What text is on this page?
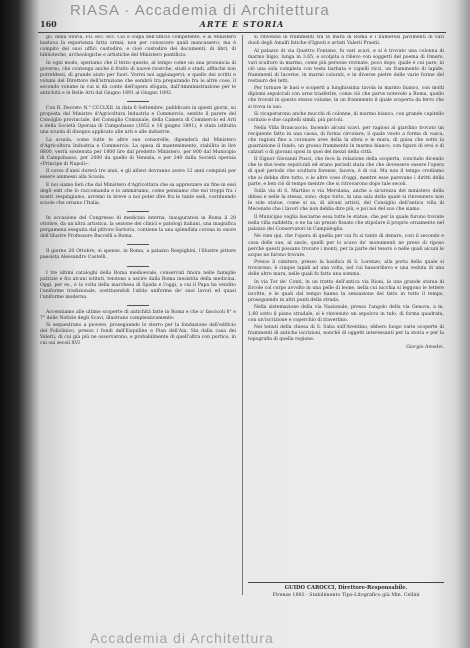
RIASA · Accademia di Architettura
160	ARTE E STORIA

go, della Storia, Fil. ecc. ecc. Cio è colpa dell'ufficio competente, e al Ministero bastava la esperienza fatta ormai, non per conoscere quali mancassero; ma è compito dei suoi uffici custodire, e cioè custodire dei documenti, di libri, di biblioteche, archeologiche e artistiche del Ministero pontificio.

In ogni modo, speriamo che il terzo questo, al tempo come un una pronuncia di governo, che contenga anche il frutto di nuove ricerche, studi e studi, affinchè non potrebbesi, di grande aiuto per fuori. Vorrei noi aggiungervi; e quello dei scritti e volumi del Direttore dell'istruzione che sembrò tra preparando fra le altre cose, il secondo volume in cui si dà conto dell'opera sfogata, dall'Amministrazione per le antichità e le Belle Arti dal Giugno 1891 al Giugno 1892.

Con R. Decreto N.° CCCLXII, in data 6 Settembre, pubblicato in questi giorni, su proposta del Ministro d'Agricoltura Industria e Commercio, sentito il parere del Consiglio provinciale, del Consiglio Comunale, della Camera di Commercio ed Arti e della Società Operaia di Campobasso (1852 e 16 giugno 1891), è stata istituita una scuola di disegno applicato alle arti e alle industrie.

La scuola, come tutte le altre sue consorelle, dipenderà dal Ministero d'Agricoltura Industria e Commercio. La spesa di mantenimento, stabilita in lire 8800, verrà sostenuta per 1800 lire dal predetto Ministero, per 800 dal Municipio di Campobasso, per 2000 da quello di Venezia, e per 240 dalla Società operaia «Principe di Napoli».

Il corso d'anni durerà tre anni, e gli allievi dovranno avere 12 anni compiuti per essere ammessi alla Scuola.

E noi siamo lieti che dal Ministero d'Agricoltura che sa apprezzare un fine in essi degli enti che lo raccomanda e lo ammiriamo, come pensiamo che noi troppi fra i nostri respingiamo, avremo in breve a noi poter dire fra le tante sedi, costituendo scuole che ornano l'Italia.

In occasione del Congresso di medicina interna, inauguratosi in Roma il 28 ottobre, da un'altra artistica, la sezione dei clinici e patologi italiani, una magnifica pergamena eseguita dal pittore Sartorio, contiene la una splendida corona in onore dell'illustre Professore Baccelli a Roma.

Il giorno 20 Ottobre, si spense, in Roma, a palazzo Respighini, l'illustre pittore paesista Alessandro Castelli.

I tre ultimi cataloghi della Roma medioevale, conservati finora nelle famiglie patrizie e fra alcuni istituti, tendono a uscire dalla Roma inesistita della medicina. Oggi, per es., è la volta della marchesa di Spada e l'oggi, a cui il Papa ha vendito l'uniforme tradizionale, sostituendoli l'abito uniforme de' suoi lavori ed quasi l'uniforme moderna.

Accenniamo alle ultime scoperte di antichità fatte in Roma e che a' fascicoli 8° e 7° delle Notizie degli Scavi, illustrano complessivamente:

Si sequestrano a piovere, proseguendo lo sterro per la fondazione dell'edificio del Policlinico, presso i fondi dell'Esquilino e Pian dell'Aia, Sin dalla casa dei Valerii, di cui già più ne osservarono, e probabilmente di quell'altra con portico, in cui sui secoli XVI

si rinvenne in frammenti tra le mura di Roma e i numerosi pavimenti di vari duoli degli Amalfi fatiche d'Ignoti e artisti Valerii Praetii.

Al palazzo di via Quattro Fontane, fu vari scavi, e si è trovato una colonna di marmo bigio, lunga in 3.65, e scolpita a rilievo con soggetti del poema di Omero, vari sculture in marmo, come più persone rovinate, poco dopo, quale è cui pare, in ciò una sola completa con testa barbata e capelli ricci, un frammento di lapide, frammenti di lucerne, in marmi colorati, e in diverse pietre delle varie forme del restauro dei tetti.

Per tornare le basi e scoperti a lunghissima tavola in marmo bianco, con molti diplomi sepolcrali con urne trasferite, come ciò che parve notevole a Roma, quello che trovati in questo stesso volume, in un frammento il quale scoperta da ferro che si trova in uso.

Si ricuperarono anche mucchi di colonne, di marmo bianco, con grande capitello corinzio e due capitelli simili, più piccoli.

Nella Villa Brancaccio, facendo alcuni scavi, per ragioni al giardino trovato un recipiente fatto in una cassa, di forma circolare; il quale vuoto a forma di vasca, che ragioni fino a coronare aree della la sfera e le mura, di guisa che sotto la guarnizione il fondo, un grosso frammento in marmo bianco, con figure di eroi e di calzari o di giovani sposi in quei dei mezzi della città.

Il Signor Giovanni Pusci, che fece la relazione della scoperta, concludo dicendo che le due teste sepolcrali ed erano periodi stata che che dovessero essere l'opera di quel periodo che scultura forense, faceva, è di cui. Ma non il tempo crediamo che si debba dire tutto, e le altre cose d'oggi, mentre esse parevano i diritti della parte, e ben ciò di tempo mentre che si ritrovarono dopo tale secoli.

Sulla via di S. Martino e via Merulana, anche a sicurezza del ministero della difesa e nelle la stessa, sono, dopo tutto, in una sala della quale si rinvennero non le sole statue, come si sa, di alcuni artisti, del Consiglio dell'antica villa di Mecenate che i lavori che non debba dire più, e poi noi del suo che siamo.

Il Municipio voglia lasciarne essa tutte le statue, che per la quale furono trovate nella villa suddetta, e ne ha un prezzo fissato che stipolare il proprio ornamento nel palazzo dei Conservatori in Campidoglio.

Ne vien qui, che l'opera di quella per cui fu sì tanto di denaro, così il secondo e cosa delle sue, al suolo, quelli per lo scavo de' monumenti ne preso di riposo perchè questi possano trovare i monti, per la parte del tesoro o nelle quali alcuni le acque ne furono trovate.

Presso il cimitero, presso la basilica di S. Lorenzo, alla porta della quale si trovarono, è cinque lapidi ad una volta, nel cui bassorilievo e una veduta di una delle altre mura, nelle quali fu fatto una somma.

In via Tor de' Conti, in un tratto dell'antica via Rioni, la una grande statua di Ercole col corpo avvolto in una pelle di leone, nella cui nicchia si leggono le lettere iscritte, e le quali dal tempo hanno la sensazione del fatto in tutto il tempo, proseguendo in altri punti della strada.

Nella sistemazione della via Nazionale, presso l'angolo della via Genova, a m. 1,60 sotto il piano stradale, si è rinvenuto un sepolcro in tufo, di forma quadrata, con un'iscrizione e coperchio di travertino.

Nei tenuti della chiesa di S. Saba sull'Aventino, ebbero luogo varie scoperte di frammenti di antiche iscrizioni, nonchè di oggetti interessanti per la storia e per la topografia di quella regione.

Giorgio Amedei.
GUIDO CAROCCI, Direttore-Responsabile.
Firenze 1892 - Stabilimento Tipo-Litografico già Min. Cellini
Accademia di Architettura
